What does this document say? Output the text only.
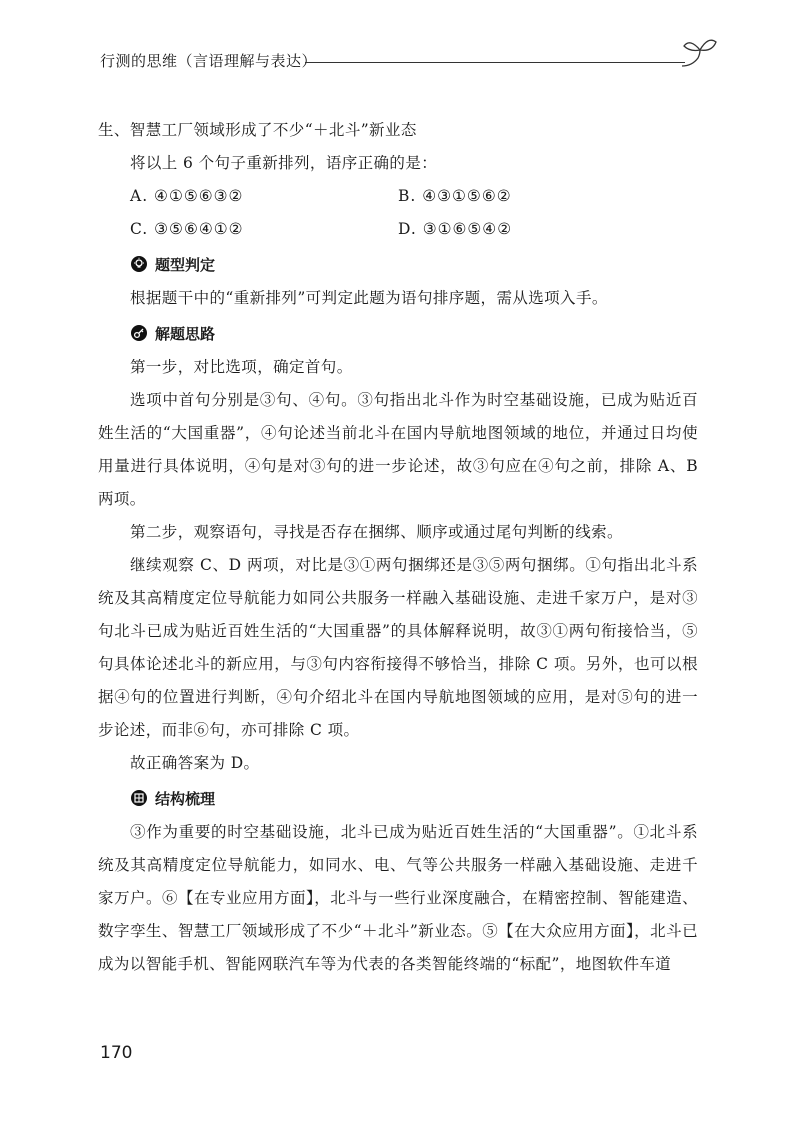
行测的思维（言语理解与表达）

生、智慧工厂领域形成了不少“＋北斗”新业态

将以上 6 个句子重新排列，语序正确的是：

A. ④①⑤⑥③②	B. ④③①⑤⑥②
C. ③⑤⑥④①②	D. ③①⑥⑤④②
题型判定

根据题干中的“重新排列”可判定此题为语句排序题，需从选项入手。

解题思路

第一步，对比选项，确定首句。

选项中首句分别是③句、④句。③句指出北斗作为时空基础设施，已成为贴近百姓生活的“大国重器”，④句论述当前北斗在国内导航地图领域的地位，并通过日均使用量进行具体说明，④句是对③句的进一步论述，故③句应在④句之前，排除 A、B 两项。

第二步，观察语句，寻找是否存在捆绑、顺序或通过尾句判断的线索。

继续观察 C、D 两项，对比是③①两句捆绑还是③⑤两句捆绑。①句指出北斗系统及其高精度定位导航能力如同公共服务一样融入基础设施、走进千家万户，是对③句北斗已成为贴近百姓生活的“大国重器”的具体解释说明，故③①两句衔接恰当，⑤句具体论述北斗的新应用，与③句内容衔接得不够恰当，排除 C 项。另外，也可以根据④句的位置进行判断，④句介绍北斗在国内导航地图领域的应用，是对⑤句的进一步论述，而非⑥句，亦可排除 C 项。

故正确答案为 D。

结构梳理

③作为重要的时空基础设施，北斗已成为贴近百姓生活的“大国重器”。①北斗系统及其高精度定位导航能力，如同水、电、气等公共服务一样融入基础设施、走进千家万户。⑥【在专业应用方面】，北斗与一些行业深度融合，在精密控制、智能建造、数字孪生、智慧工厂领域形成了不少“＋北斗”新业态。⑤【在大众应用方面】，北斗已成为以智能手机、智能网联汽车等为代表的各类智能终端的“标配”，地图软件车道

170
